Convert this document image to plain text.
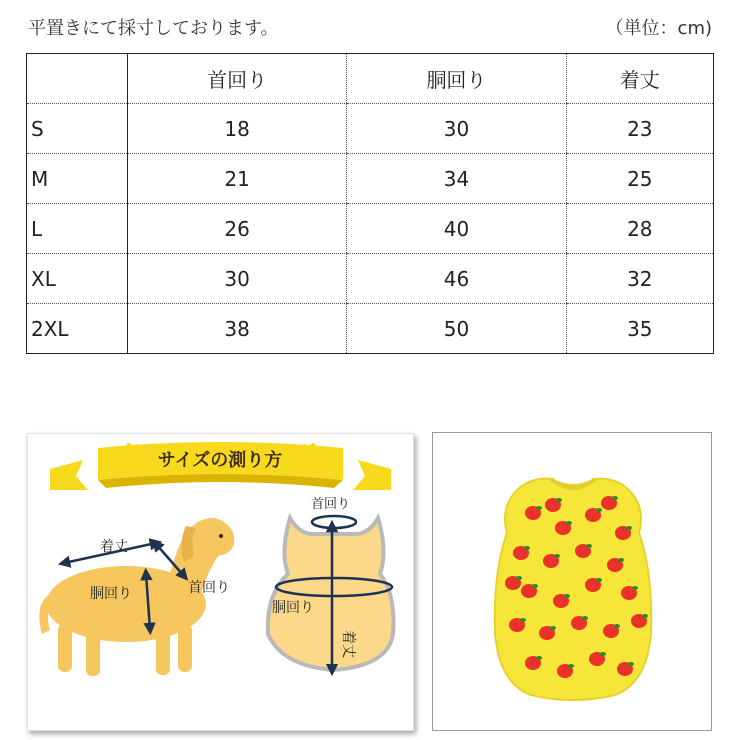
平置きにて採寸しております。	（単位：cm)
	首回り	胴回り	着丈
S	18	30	23
M	21	34	25
L	26	40	28
XL	30	46	32
2XL	38	50	35
サイズの測り方
着丈
胴回り	首回り
首回り
胴回り
着丈
